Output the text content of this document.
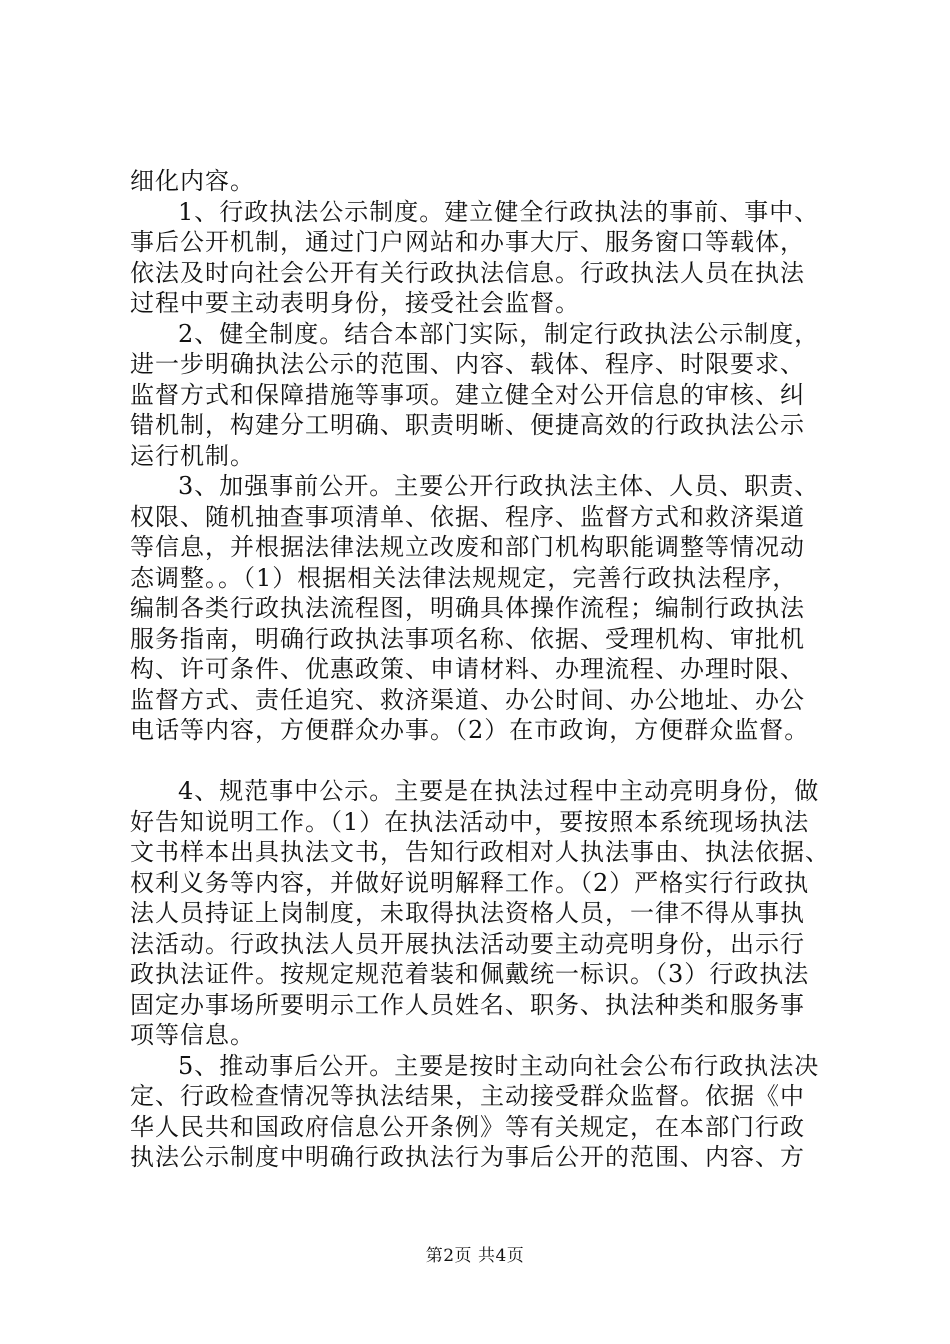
细化内容。
1、行政执法公示制度。建立健全行政执法的事前、事中、
事后公开机制，通过门户网站和办事大厅、服务窗口等载体，
依法及时向社会公开有关行政执法信息。行政执法人员在执法
过程中要主动表明身份，接受社会监督。
2、健全制度。结合本部门实际，制定行政执法公示制度，
进一步明确执法公示的范围、内容、载体、程序、时限要求、
监督方式和保障措施等事项。建立健全对公开信息的审核、纠
错机制，构建分工明确、职责明晰、便捷高效的行政执法公示
运行机制。
3、加强事前公开。主要公开行政执法主体、人员、职责、
权限、随机抽查事项清单、依据、程序、监督方式和救济渠道
等信息，并根据法律法规立改废和部门机构职能调整等情况动
态调整。。（1）根据相关法律法规规定，完善行政执法程序，
编制各类行政执法流程图，明确具体操作流程；编制行政执法
服务指南，明确行政执法事项名称、依据、受理机构、审批机
构、许可条件、优惠政策、申请材料、办理流程、办理时限、
监督方式、责任追究、救济渠道、办公时间、办公地址、办公
电话等内容，方便群众办事。（2）在市政询，方便群众监督。
4、规范事中公示。主要是在执法过程中主动亮明身份，做
好告知说明工作。（1）在执法活动中，要按照本系统现场执法
文书样本出具执法文书，告知行政相对人执法事由、执法依据、
权利义务等内容，并做好说明解释工作。（2）严格实行行政执
法人员持证上岗制度，未取得执法资格人员，一律不得从事执
法活动。行政执法人员开展执法活动要主动亮明身份，出示行
政执法证件。按规定规范着装和佩戴统一标识。（3）行政执法
固定办事场所要明示工作人员姓名、职务、执法种类和服务事
项等信息。
5、推动事后公开。主要是按时主动向社会公布行政执法决
定、行政检查情况等执法结果，主动接受群众监督。依据《中
华人民共和国政府信息公开条例》等有关规定，在本部门行政
执法公示制度中明确行政执法行为事后公开的范围、内容、方
第2页 共4页
